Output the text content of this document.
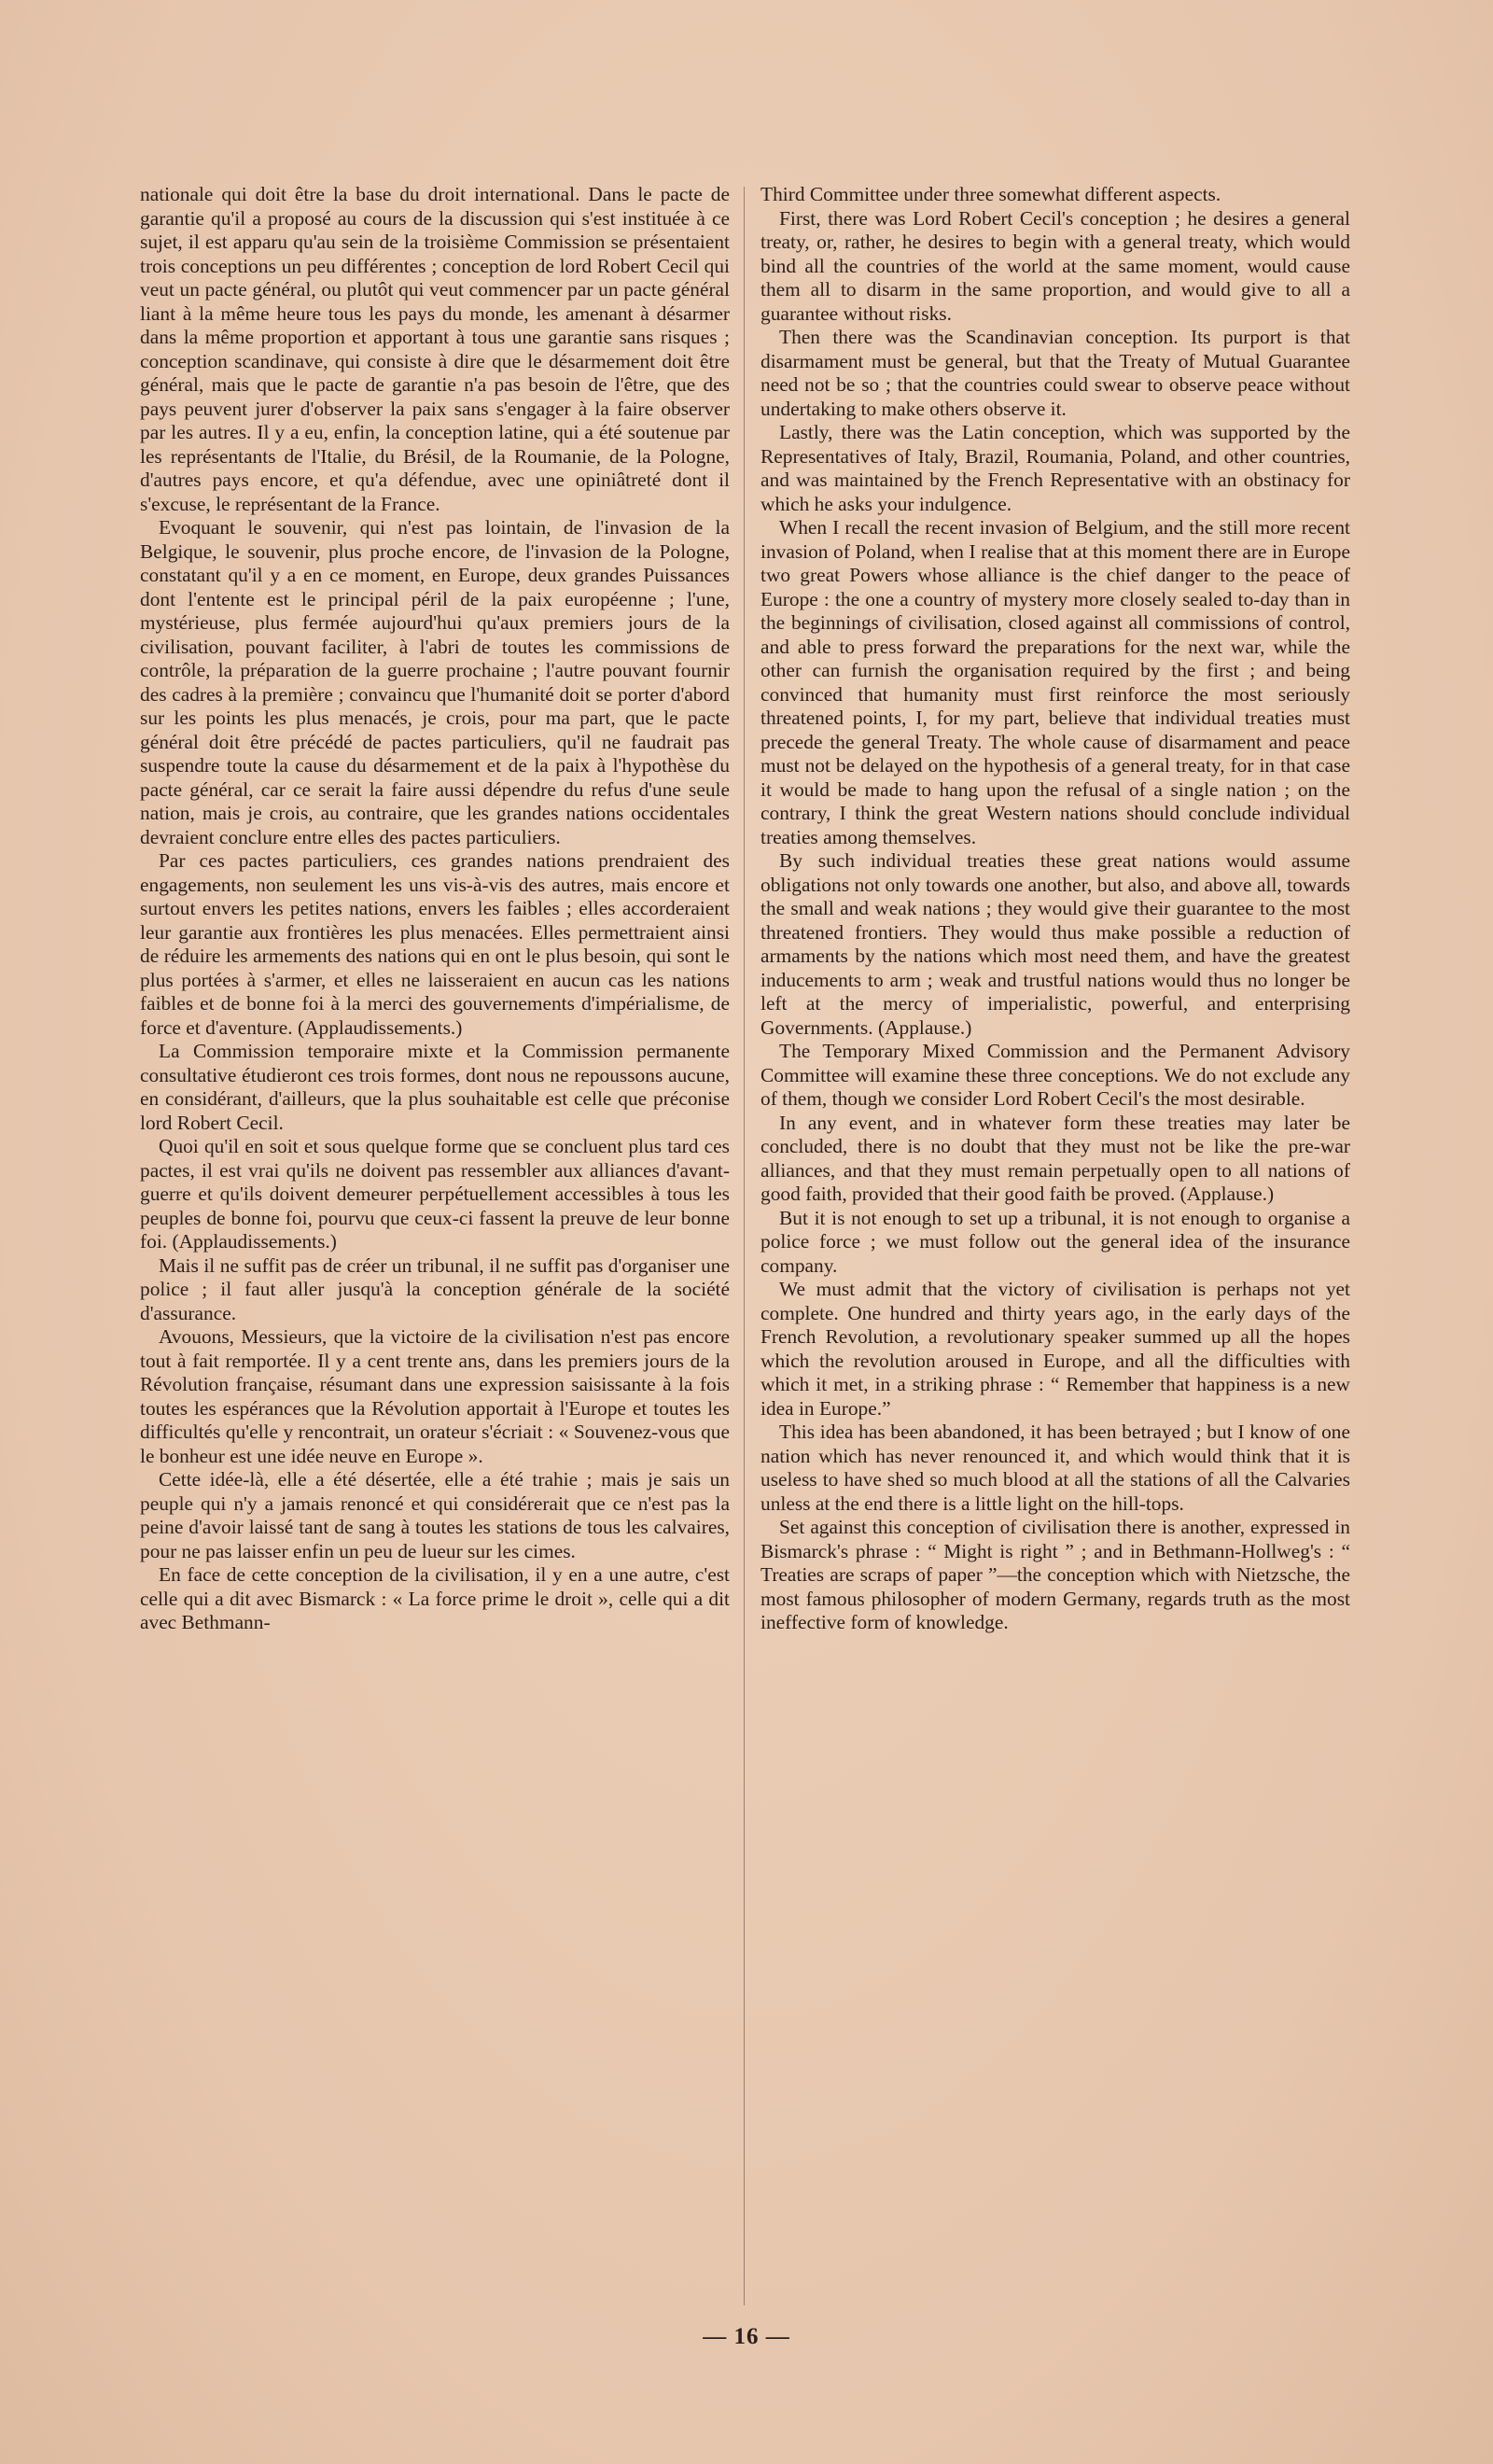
nationale qui doit être la base du droit international. Dans le pacte de garantie qu'il a proposé au cours de la discussion qui s'est instituée à ce sujet, il est apparu qu'au sein de la troisième Commission se présentaient trois conceptions un peu différentes ; conception de lord Robert Cecil qui veut un pacte général, ou plutôt qui veut commencer par un pacte général liant à la même heure tous les pays du monde, les amenant à désarmer dans la même proportion et apportant à tous une garantie sans risques ; conception scandinave, qui consiste à dire que le désarmement doit être général, mais que le pacte de garantie n'a pas besoin de l'être, que des pays peuvent jurer d'observer la paix sans s'engager à la faire observer par les autres. Il y a eu, enfin, la conception latine, qui a été soutenue par les représentants de l'Italie, du Brésil, de la Roumanie, de la Pologne, d'autres pays encore, et qu'a défendue, avec une opiniâtreté dont il s'excuse, le représentant de la France.

Evoquant le souvenir, qui n'est pas lointain, de l'invasion de la Belgique, le souvenir, plus proche encore, de l'invasion de la Pologne, constatant qu'il y a en ce moment, en Europe, deux grandes Puissances dont l'entente est le principal péril de la paix européenne ; l'une, mystérieuse, plus fermée aujourd'hui qu'aux premiers jours de la civilisation, pouvant faciliter, à l'abri de toutes les commissions de contrôle, la préparation de la guerre prochaine ; l'autre pouvant fournir des cadres à la première ; convaincu que l'humanité doit se porter d'abord sur les points les plus menacés, je crois, pour ma part, que le pacte général doit être précédé de pactes particuliers, qu'il ne faudrait pas suspendre toute la cause du désarmement et de la paix à l'hypothèse du pacte général, car ce serait la faire aussi dépendre du refus d'une seule nation, mais je crois, au contraire, que les grandes nations occidentales devraient conclure entre elles des pactes particuliers.

Par ces pactes particuliers, ces grandes nations prendraient des engagements, non seulement les uns vis-à-vis des autres, mais encore et surtout envers les petites nations, envers les faibles ; elles accorderaient leur garantie aux frontières les plus menacées. Elles permettraient ainsi de réduire les armements des nations qui en ont le plus besoin, qui sont le plus portées à s'armer, et elles ne laisseraient en aucun cas les nations faibles et de bonne foi à la merci des gouvernements d'impérialisme, de force et d'aventure. (Applaudissements.)

La Commission temporaire mixte et la Commission permanente consultative étudieront ces trois formes, dont nous ne repoussons aucune, en considérant, d'ailleurs, que la plus souhaitable est celle que préconise lord Robert Cecil.

Quoi qu'il en soit et sous quelque forme que se concluent plus tard ces pactes, il est vrai qu'ils ne doivent pas ressembler aux alliances d'avant-guerre et qu'ils doivent demeurer perpétuellement accessibles à tous les peuples de bonne foi, pourvu que ceux-ci fassent la preuve de leur bonne foi. (Applaudissements.)

Mais il ne suffit pas de créer un tribunal, il ne suffit pas d'organiser une police ; il faut aller jusqu'à la conception générale de la société d'assurance.

Avouons, Messieurs, que la victoire de la civilisation n'est pas encore tout à fait remportée. Il y a cent trente ans, dans les premiers jours de la Révolution française, résumant dans une expression saisissante à la fois toutes les espérances que la Révolution apportait à l'Europe et toutes les difficultés qu'elle y rencontrait, un orateur s'écriait : « Souvenez-vous que le bonheur est une idée neuve en Europe ».

Cette idée-là, elle a été désertée, elle a été trahie ; mais je sais un peuple qui n'y a jamais renoncé et qui considérerait que ce n'est pas la peine d'avoir laissé tant de sang à toutes les stations de tous les calvaires, pour ne pas laisser enfin un peu de lueur sur les cimes.

En face de cette conception de la civilisation, il y en a une autre, c'est celle qui a dit avec Bismarck : « La force prime le droit », celle qui a dit avec Bethmann-

Third Committee under three somewhat different aspects.

First, there was Lord Robert Cecil's conception ; he desires a general treaty, or, rather, he desires to begin with a general treaty, which would bind all the countries of the world at the same moment, would cause them all to disarm in the same proportion, and would give to all a guarantee without risks.

Then there was the Scandinavian conception. Its purport is that disarmament must be general, but that the Treaty of Mutual Guarantee need not be so ; that the countries could swear to observe peace without undertaking to make others observe it.

Lastly, there was the Latin conception, which was supported by the Representatives of Italy, Brazil, Roumania, Poland, and other countries, and was maintained by the French Representative with an obstinacy for which he asks your indulgence.

When I recall the recent invasion of Belgium, and the still more recent invasion of Poland, when I realise that at this moment there are in Europe two great Powers whose alliance is the chief danger to the peace of Europe : the one a country of mystery more closely sealed to-day than in the beginnings of civilisation, closed against all commissions of control, and able to press forward the preparations for the next war, while the other can furnish the organisation required by the first ; and being convinced that humanity must first reinforce the most seriously threatened points, I, for my part, believe that individual treaties must precede the general Treaty. The whole cause of disarmament and peace must not be delayed on the hypothesis of a general treaty, for in that case it would be made to hang upon the refusal of a single nation ; on the contrary, I think the great Western nations should conclude individual treaties among themselves.

By such individual treaties these great nations would assume obligations not only towards one another, but also, and above all, towards the small and weak nations ; they would give their guarantee to the most threatened frontiers. They would thus make possible a reduction of armaments by the nations which most need them, and have the greatest inducements to arm ; weak and trustful nations would thus no longer be left at the mercy of imperialistic, powerful, and enterprising Governments. (Applause.)

The Temporary Mixed Commission and the Permanent Advisory Committee will examine these three conceptions. We do not exclude any of them, though we consider Lord Robert Cecil's the most desirable.

In any event, and in whatever form these treaties may later be concluded, there is no doubt that they must not be like the pre-war alliances, and that they must remain perpetually open to all nations of good faith, provided that their good faith be proved. (Applause.)

But it is not enough to set up a tribunal, it is not enough to organise a police force ; we must follow out the general idea of the insurance company.

We must admit that the victory of civilisation is perhaps not yet complete. One hundred and thirty years ago, in the early days of the French Revolution, a revolutionary speaker summed up all the hopes which the revolution aroused in Europe, and all the difficulties with which it met, in a striking phrase : “ Remember that happiness is a new idea in Europe.”

This idea has been abandoned, it has been betrayed ; but I know of one nation which has never renounced it, and which would think that it is useless to have shed so much blood at all the stations of all the Calvaries unless at the end there is a little light on the hill-tops.

Set against this conception of civilisation there is another, expressed in Bismarck's phrase : “ Might is right ” ; and in Bethmann-Hollweg's : “ Treaties are scraps of paper ”—the conception which with Nietzsche, the most famous philosopher of modern Germany, regards truth as the most ineffective form of knowledge.

— 16 —
